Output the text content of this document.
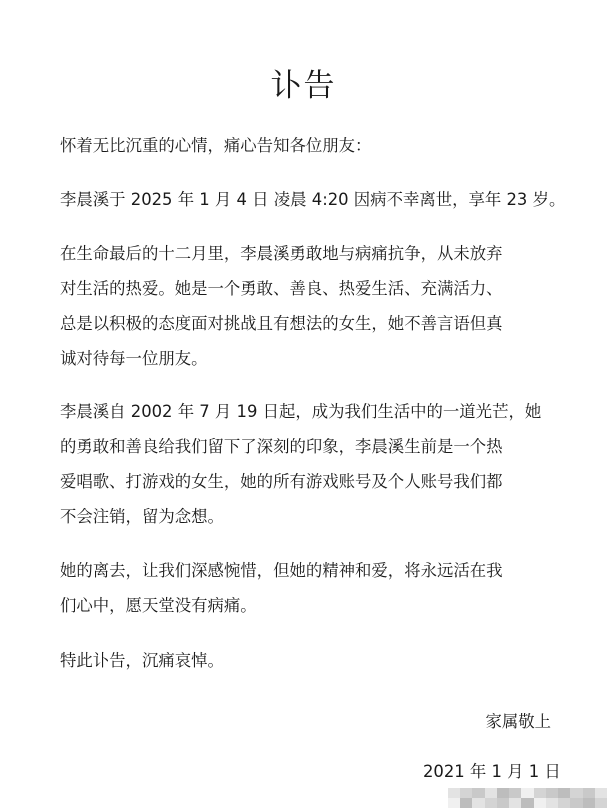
讣告
怀着无比沉重的心情，痛心告知各位朋友：
李晨溪于 2025 年 1 月 4 日 凌晨 4:20 因病不幸离世，享年 23 岁。
在生命最后的十二月里，李晨溪勇敢地与病痛抗争，从未放弃
对生活的热爱。她是一个勇敢、善良、热爱生活、充满活力、
总是以积极的态度面对挑战且有想法的女生，她不善言语但真
诚对待每一位朋友。
李晨溪自 2002 年 7 月 19 日起，成为我们生活中的一道光芒，她
的勇敢和善良给我们留下了深刻的印象，李晨溪生前是一个热
爱唱歌、打游戏的女生，她的所有游戏账号及个人账号我们都
不会注销，留为念想。
她的离去，让我们深感惋惜，但她的精神和爱，将永远活在我
们心中，愿天堂没有病痛。
特此讣告，沉痛哀悼。
家属敬上
2021 年 1 月 1 日
